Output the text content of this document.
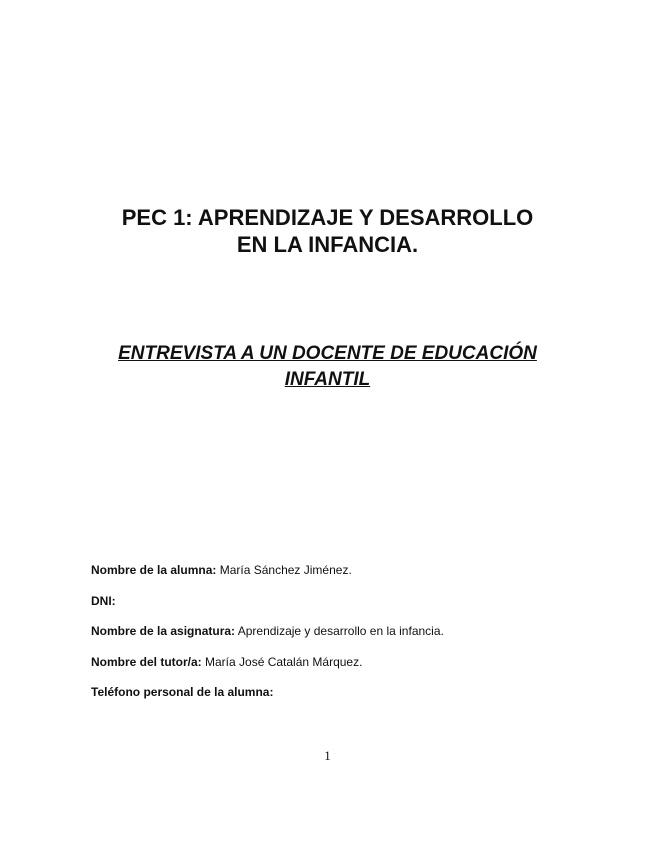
PEC 1: APRENDIZAJE Y DESARROLLO
EN LA INFANCIA.
ENTREVISTA A UN DOCENTE DE EDUCACIÓN
INFANTIL
Nombre de la alumna: María Sánchez Jiménez.
DNI:
Nombre de la asignatura: Aprendizaje y desarrollo en la infancia.
Nombre del tutor/a: María José Catalán Márquez.
Teléfono personal de la alumna:
1
